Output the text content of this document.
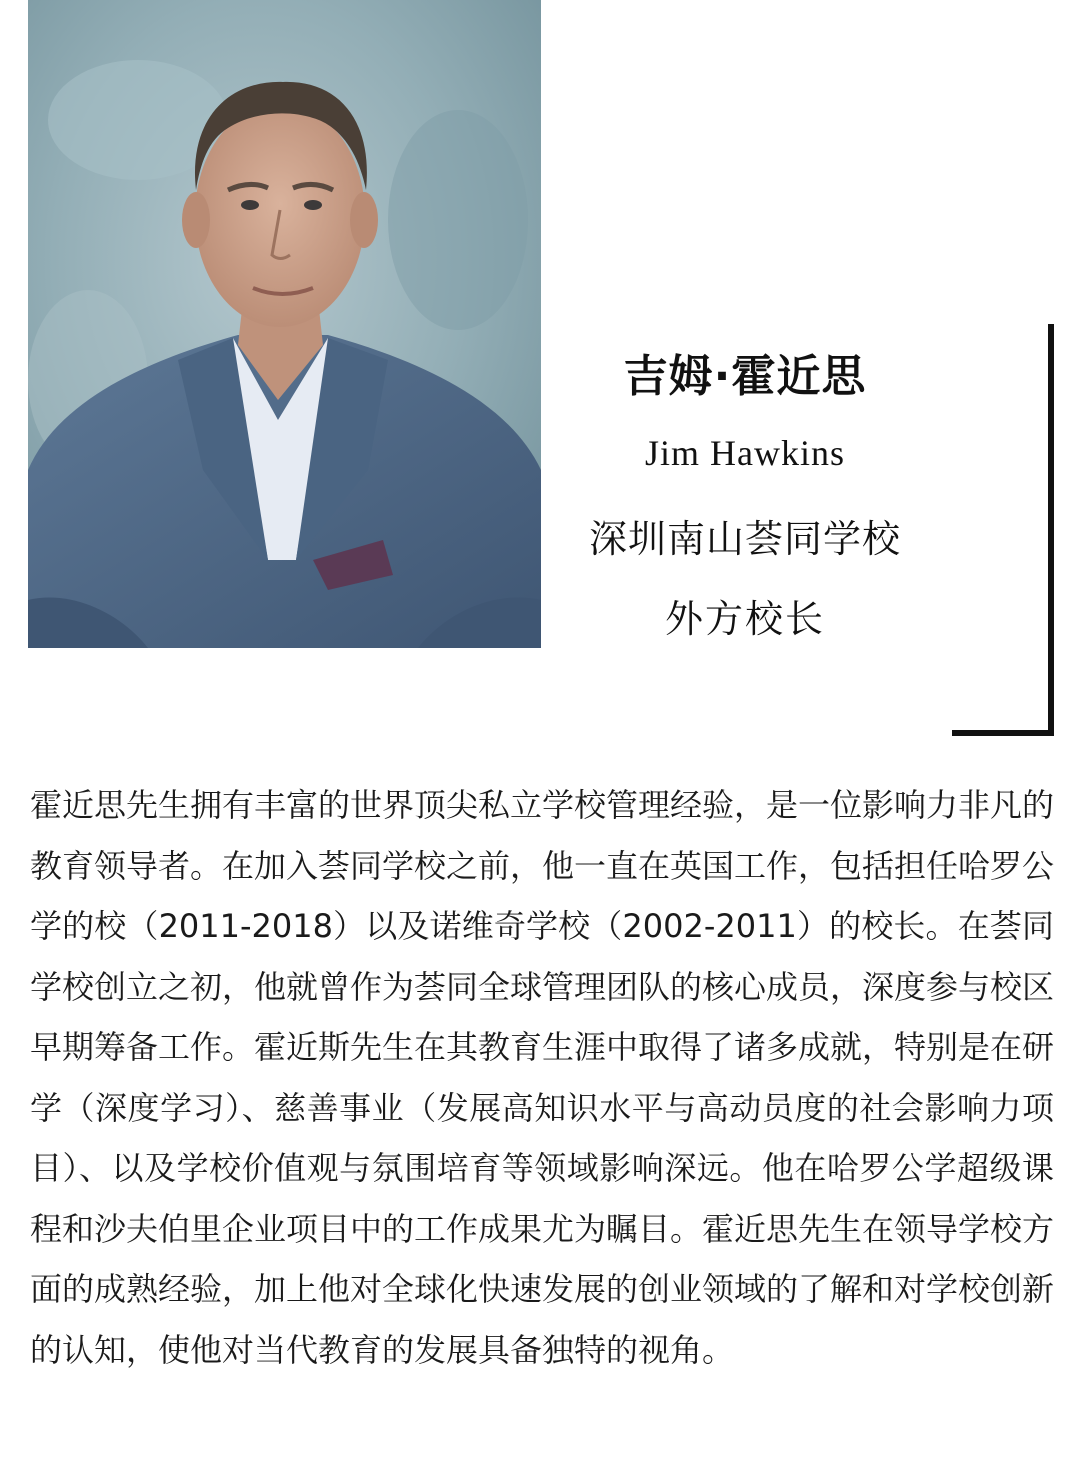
吉姆·霍近思
Jim Hawkins
深圳南山荟同学校
外方校长

霍近思先生拥有丰富的世界顶尖私立学校管理经验，是一位影响力非凡的教育领导者。在加入荟同学校之前，他一直在英国工作，包括担任哈罗公学的校（2011-2018）以及诺维奇学校（2002-2011）的校长。在荟同学校创立之初，他就曾作为荟同全球管理团队的核心成员，深度参与校区早期筹备工作。霍近斯先生在其教育生涯中取得了诸多成就，特别是在研学（深度学习）、慈善事业（发展高知识水平与高动员度的社会影响力项目）、以及学校价值观与氛围培育等领域影响深远。他在哈罗公学超级课程和沙夫伯里企业项目中的工作成果尤为瞩目。霍近思先生在领导学校方面的成熟经验，加上他对全球化快速发展的创业领域的了解和对学校创新的认知，使他对当代教育的发展具备独特的视角。
